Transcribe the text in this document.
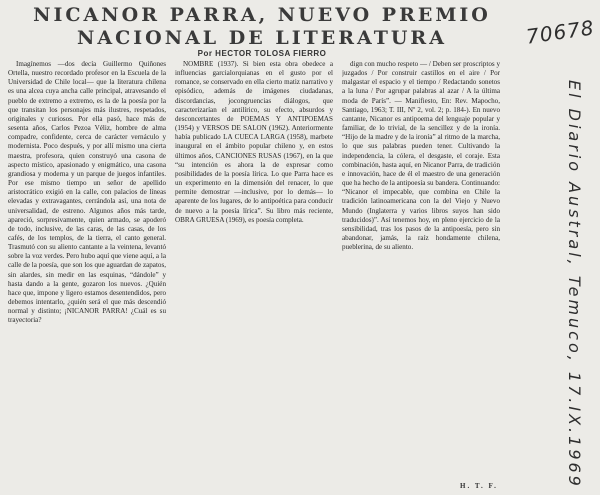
NICANOR PARRA, NUEVO PREMIO
NACIONAL DE LITERATURA
Por HECTOR TOLOSA FIERRO

Imagínemos —dos decía Guillermo Quiñones Ortella, nuestro recordado profesor en la Escuela de la Universidad de Chile local— que la literatura chilena es una alcea cuya ancha calle principal, atravesando el pueblo de extremo a extremo, es la de la poesía por la que transitan los personajes más ilustres, respetados, originales y curiosos. Por ella pasó, hace más de sesenta años, Carlos Pezoa Véliz, hombre de alma compadre, confidente, cerca de carácter vernáculo y modernista. Poco después, y por allí mismo una cierta maestra, profesora, quien construyó una casona de aspecto místico, apasionado y enigmático, una casona grandiosa y moderna y un parque de juegos infantiles. Por ese mismo tiempo un señor de apellido aristocrático exigió en la calle, con palacios de líneas elevadas y extravagantes, cerrándola así, una nota de universalidad, de estreno. Algunos años más tarde, apareció, sorpresivamente, quien armado, se apoderó de todo, inclusive, de las caras, de las casas, de los cafés, de los templos, de la tierra, el canto general. Trasmutó con su aliento cantante a la veintena, levantó sobre la voz verdes. Pero hubo aquí que viene aquí, a la calle de la poesía, que son los que aguardan de zapatos, sin alardes, sin medir en las esquinas, “dándole” y hasta dando a la gente, gozaron los nuevos. ¿Quién hace que, impone y ligero estamos desentendidos, pero debemos intentarlo, ¿quién será el que más descendió normal y distinto; ¡NICANOR PARRA! ¿Cuál es su trayectoria?

NOMBRE (1937). Si bien esta obra obedece a influencias garcialorquianas en el gusto por el romance, se conservado en ella cierto matiz narrativo y episódico, además de imágenes ciudadanas, discordancias, jocongruencias diálogos, que caracterizarían el antilírico, su efecto, absurdos y desconcertantes de POEMAS Y ANTIPOEMAS (1954) y VERSOS DE SALON (1962). Anteriormente había publicado LA CUECA LARGA (1958), marbete inaugural en el ámbito popular chileno y, en estos últimos años, CANCIONES RUSAS (1967), en la que “su intención es ahora la de expresar como posibilidades de la poesía lírica. Lo que Parra hace es un experimento en la dimensión del renacer, lo que permite demostrar —inclusive, por lo demás— lo aparente de los lugares, de lo antipoética para conducir de nuevo a la poesía lírica”. Su libro más reciente, OBRA GRUESA (1969), es poesía completa.

dign con mucho respeto — / Deben ser proscriptos y juzgados / Por construir castillos en el aire / Por malgastar el espacio y el tiempo / Redactando sonetos a la luna / Por agrupar palabras al azar / A la última moda de París”. — Manifiesto, En: Rev. Mapocho, Santiago, 1963; T. III, Nº 2, vol. 2; p. 184-). En nuevo cantante, Nicanor es antipoema del lenguaje popular y familiar, de lo trivial, de la sencillez y de la ironía. “Hijo de la madre y de la ironía” al ritmo de la marcha, lo que sus palabras pueden tener. Cultivando la independencia, la cólera, el desgaste, el coraje. Esta combinación, hasta aquí, en Nicanor Parra, de tradición e innovación, hace de él el maestro de una generación que ha hecho de la antipoesía su bandera. Continuando: “Nicanor el impecable, que combina en Chile la tradición latinoamericana con la del Viejo y Nuevo Mundo (Inglaterra y varios libros suyos han sido traducidos)”. Así tenemos hoy, en pleno ejercicio de la sensibilidad, tras los pasos de la antipoesía, pero sin abandonar, jamás, la raíz hondamente chilena, pueblerina, de su aliento.

H. T. F.
70678
El Diario Austral, Temuco, 17.IX.1969
